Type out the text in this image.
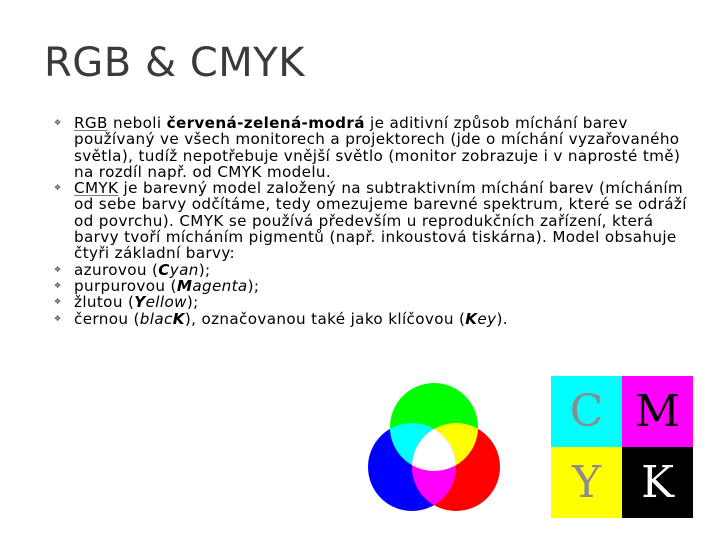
RGB & CMYK
❖ RGB neboli červená-zelená-modrá je aditivní způsob míchání barev používaný ve všech monitorech a projektorech (jde o míchání vyzařovaného světla), tudíž nepotřebuje vnější světlo (monitor zobrazuje i v naprosté tmě) na rozdíl např. od CMYK modelu.
❖ CMYK je barevný model založený na subtraktivním míchání barev (mícháním od sebe barvy odčítáme, tedy omezujeme barevné spektrum, které se odráží od povrchu). CMYK se používá především u reprodukčních zařízení, která barvy tvoří mícháním pigmentů (např. inkoustová tiskárna). Model obsahuje čtyři základní barvy:
❖ azurovou (Cyan);
❖ purpurovou (Magenta);
❖ žlutou (Yellow);
❖ černou (blacK), označovanou také jako klíčovou (Key).
C M
Y K
